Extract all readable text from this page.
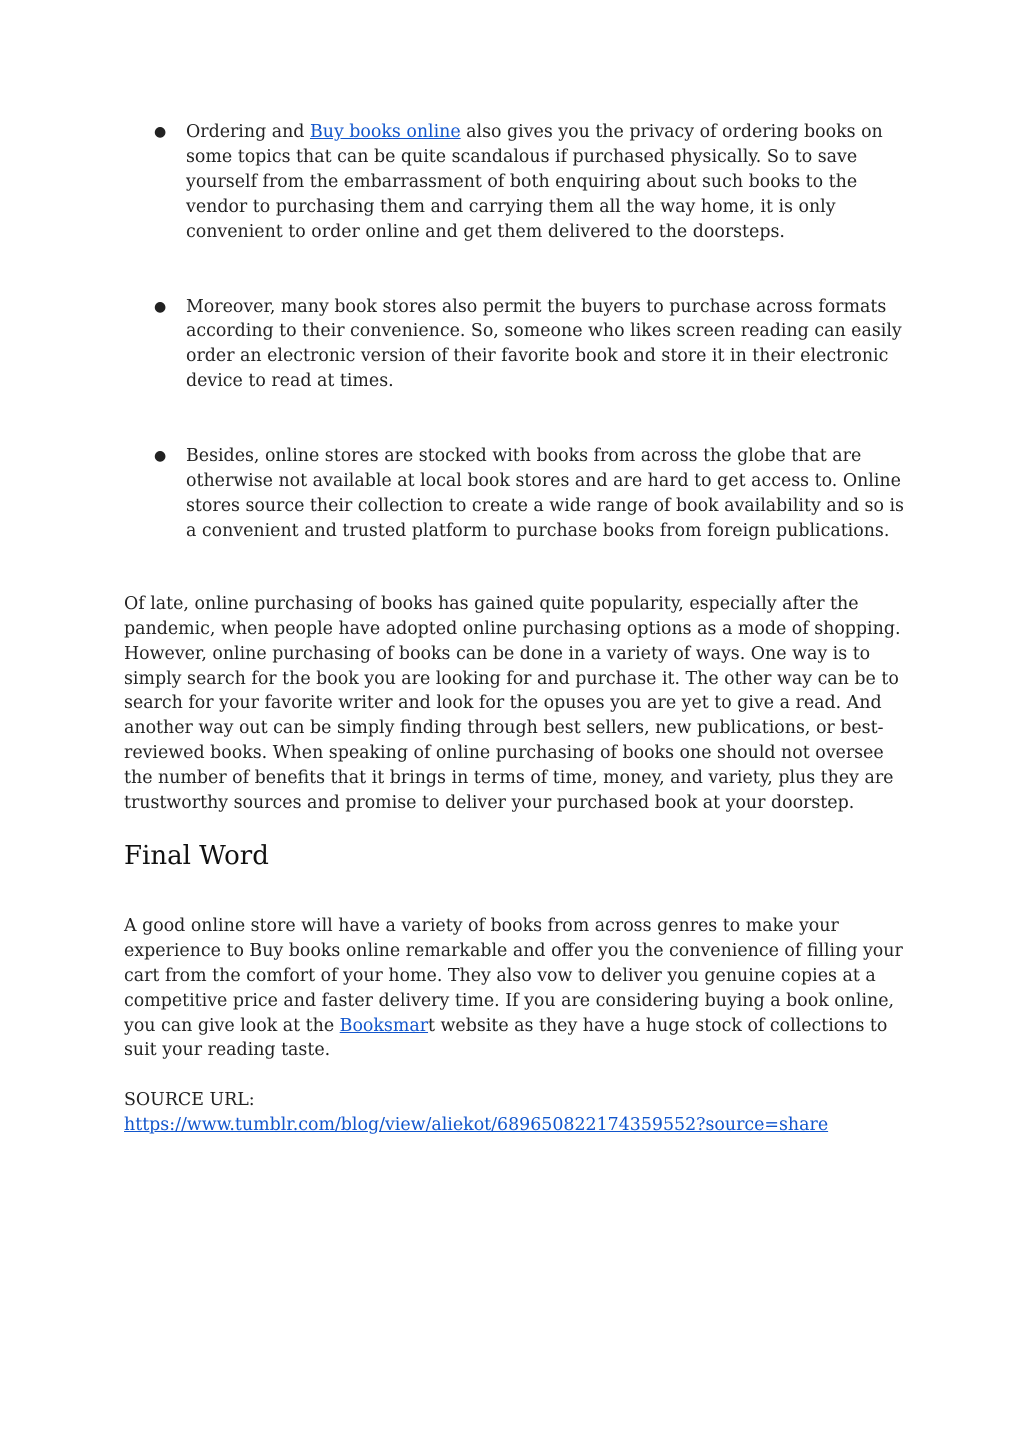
● Ordering and Buy books online also gives you the privacy of ordering books on some topics that can be quite scandalous if purchased physically. So to save yourself from the embarrassment of both enquiring about such books to the vendor to purchasing them and carrying them all the way home, it is only convenient to order online and get them delivered to the doorsteps.
● Moreover, many book stores also permit the buyers to purchase across formats according to their convenience. So, someone who likes screen reading can easily order an electronic version of their favorite book and store it in their electronic device to read at times.
● Besides, online stores are stocked with books from across the globe that are otherwise not available at local book stores and are hard to get access to. Online stores source their collection to create a wide range of book availability and so is a convenient and trusted platform to purchase books from foreign publications.

Of late, online purchasing of books has gained quite popularity, especially after the pandemic, when people have adopted online purchasing options as a mode of shopping. However, online purchasing of books can be done in a variety of ways. One way is to simply search for the book you are looking for and purchase it. The other way can be to search for your favorite writer and look for the opuses you are yet to give a read. And another way out can be simply finding through best sellers, new publications, or best-reviewed books. When speaking of online purchasing of books one should not oversee the number of benefits that it brings in terms of time, money, and variety, plus they are trustworthy sources and promise to deliver your purchased book at your doorstep.

Final Word

A good online store will have a variety of books from across genres to make your experience to Buy books online remarkable and offer you the convenience of filling your cart from the comfort of your home. They also vow to deliver you genuine copies at a competitive price and faster delivery time. If you are considering buying a book online, you can give look at the Booksmart website as they have a huge stock of collections to suit your reading taste.

SOURCE URL:

https://www.tumblr.com/blog/view/aliekot/689650822174359552?source=share
